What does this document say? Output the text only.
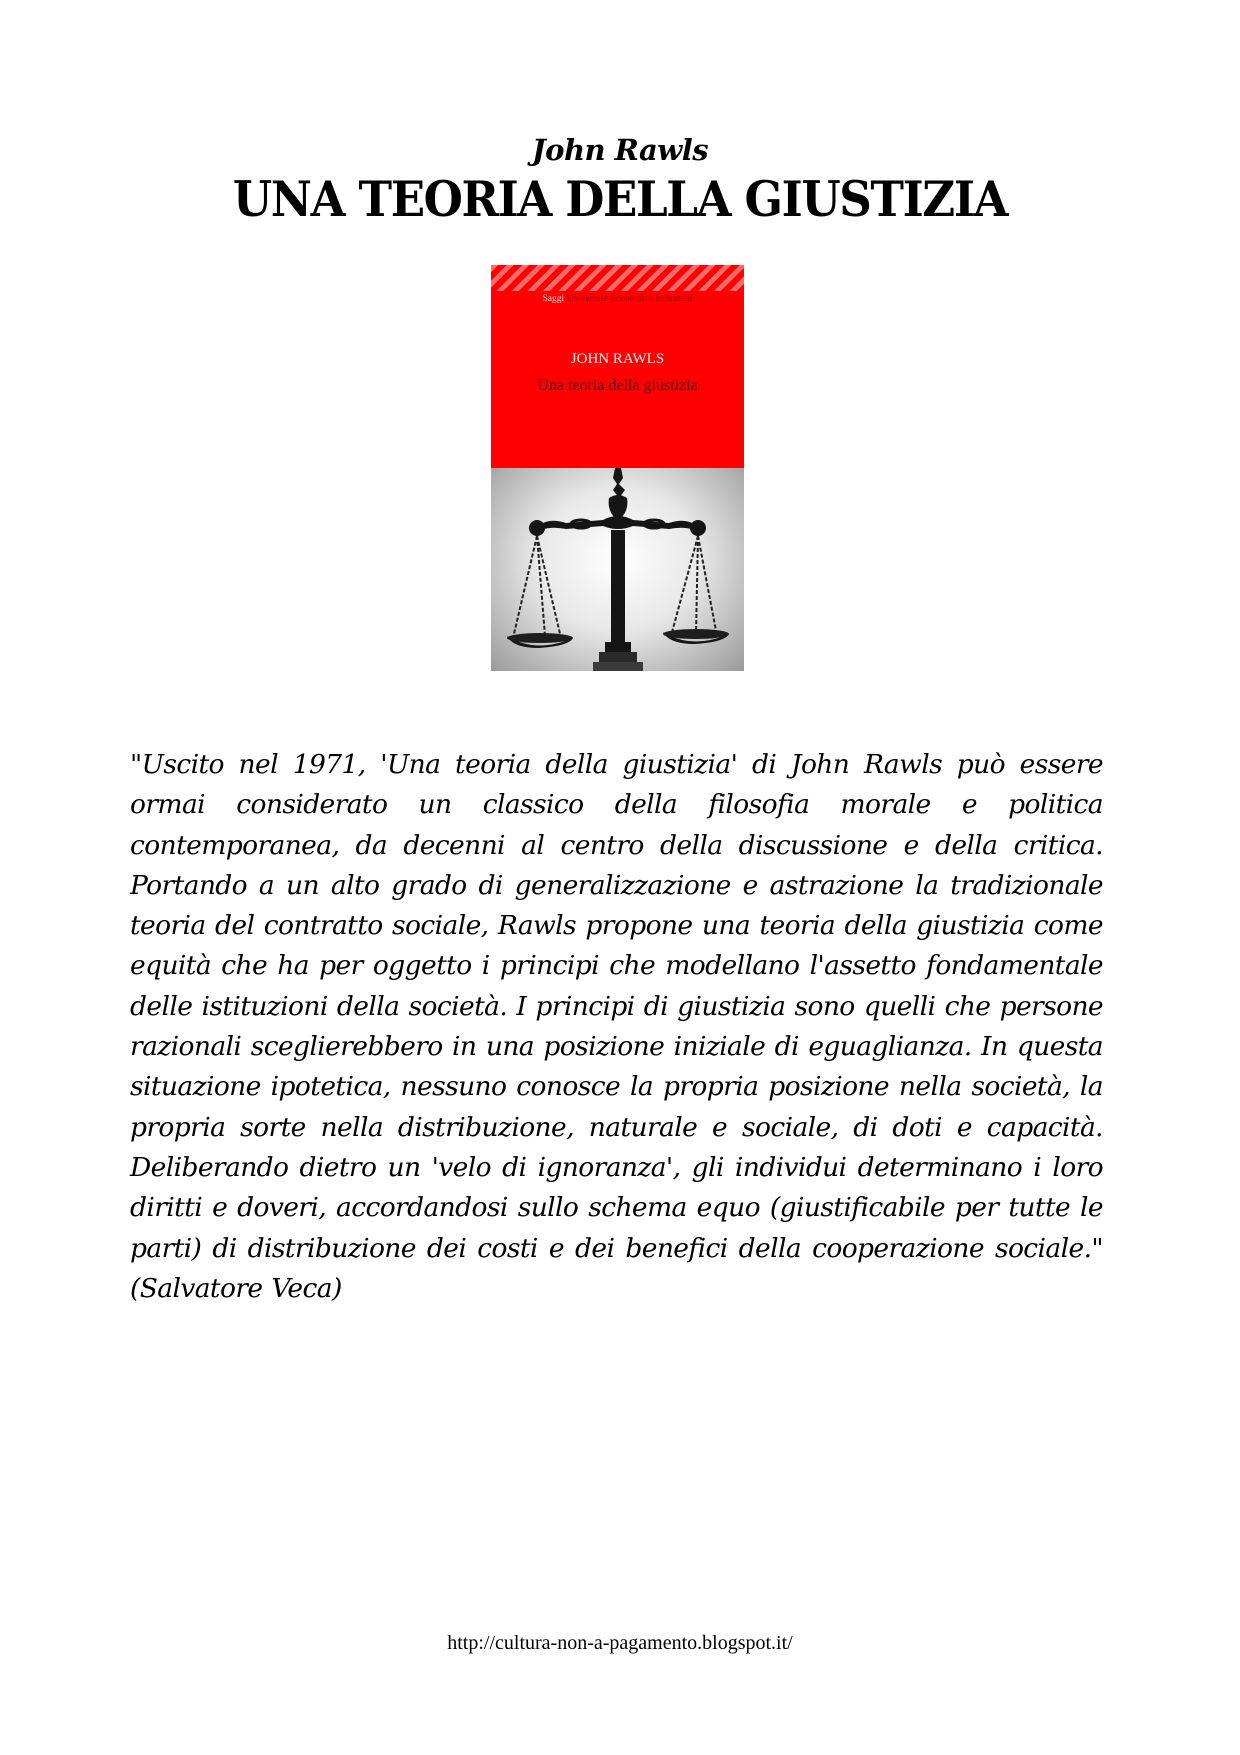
John Rawls
UNA TEORIA DELLA GIUSTIZIA
Saggi Universale Economica Feltrinelli
JOHN RAWLS
Una teoria della giustizia
"Uscito nel 1971, 'Una teoria della giustizia' di John Rawls può essere ormai considerato un classico della filosofia morale e politica contemporanea, da decenni al centro della discussione e della critica. Portando a un alto grado di generalizzazione e astrazione la tradizionale teoria del contratto sociale, Rawls propone una teoria della giustizia come equità che ha per oggetto i principi che modellano l'assetto fondamentale delle istituzioni della società. I principi di giustizia sono quelli che persone razionali sceglierebbero in una posizione iniziale di eguaglianza. In questa situazione ipotetica, nessuno conosce la propria posizione nella società, la propria sorte nella distribuzione, naturale e sociale, di doti e capacità. Deliberando dietro un 'velo di ignoranza', gli individui determinano i loro diritti e doveri, accordandosi sullo schema equo (giustificabile per tutte le parti) di distribuzione dei costi e dei benefici della cooperazione sociale." (Salvatore Veca)
http://cultura-non-a-pagamento.blogspot.it/
